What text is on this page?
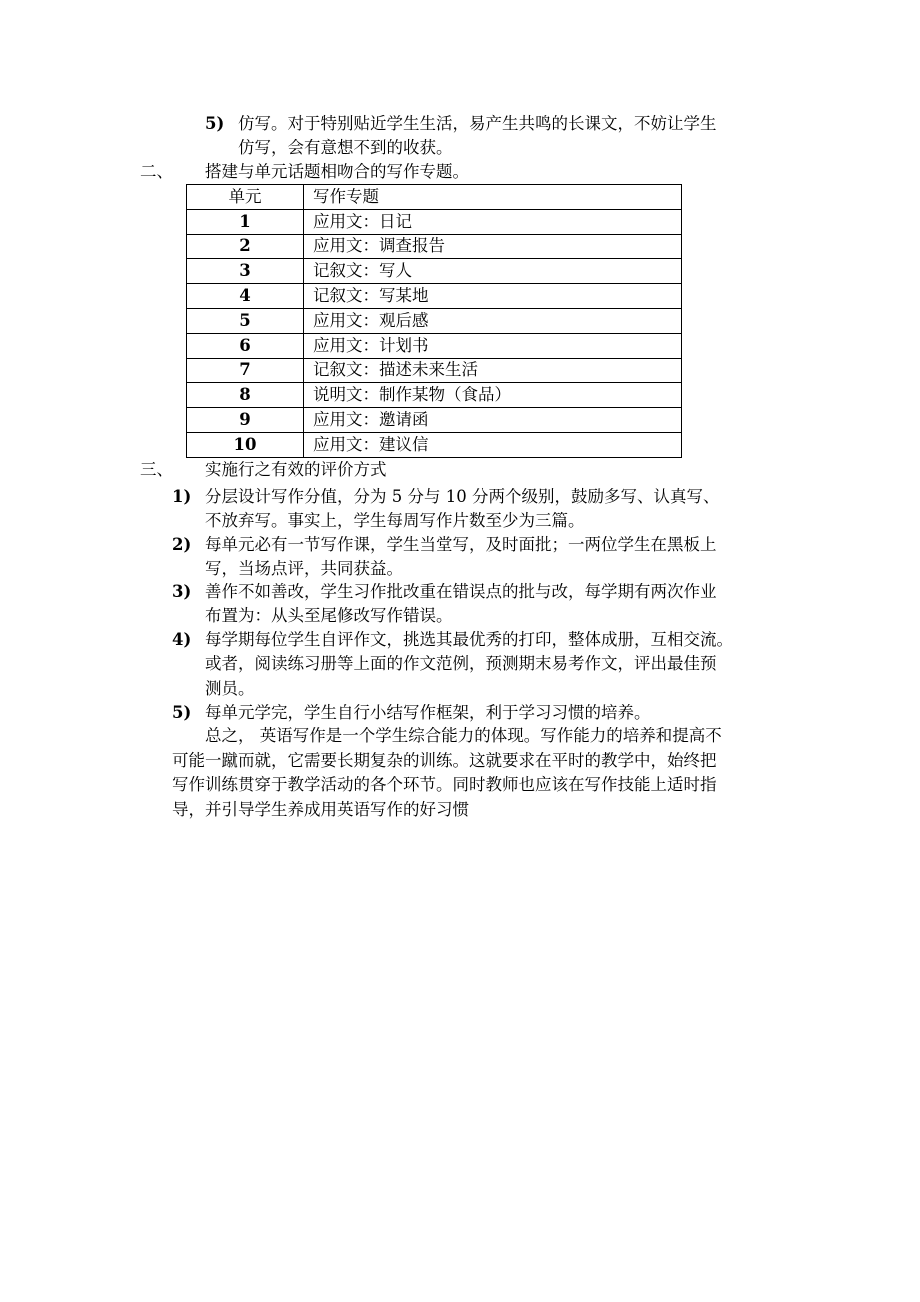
5) 仿写。对于特别贴近学生生活，易产生共鸣的长课文，不妨让学生
仿写，会有意想不到的收获。
二、 搭建与单元话题相吻合的写作专题。
单元	写作专题
1	应用文：日记
2	应用文：调查报告
3	记叙文：写人
4	记叙文：写某地
5	应用文：观后感
6	应用文：计划书
7	记叙文：描述未来生活
8	说明文：制作某物（食品）
9	应用文：邀请函
10	应用文：建议信
三、 实施行之有效的评价方式
1) 分层设计写作分值，分为 5 分与 10 分两个级别，鼓励多写、认真写、
不放弃写。事实上，学生每周写作片数至少为三篇。
2) 每单元必有一节写作课，学生当堂写，及时面批；一两位学生在黑板上
写，当场点评，共同获益。
3) 善作不如善改，学生习作批改重在错误点的批与改，每学期有两次作业
布置为：从头至尾修改写作错误。
4) 每学期每位学生自评作文，挑选其最优秀的打印，整体成册，互相交流。
或者，阅读练习册等上面的作文范例，预测期末易考作文，评出最佳预
测员。
5) 每单元学完，学生自行小结写作框架，利于学习习惯的培养。
总之， 英语写作是一个学生综合能力的体现。写作能力的培养和提高不
可能一蹴而就，它需要长期复杂的训练。这就要求在平时的教学中，始终把
写作训练贯穿于教学活动的各个环节。同时教师也应该在写作技能上适时指
导，并引导学生养成用英语写作的好习惯
